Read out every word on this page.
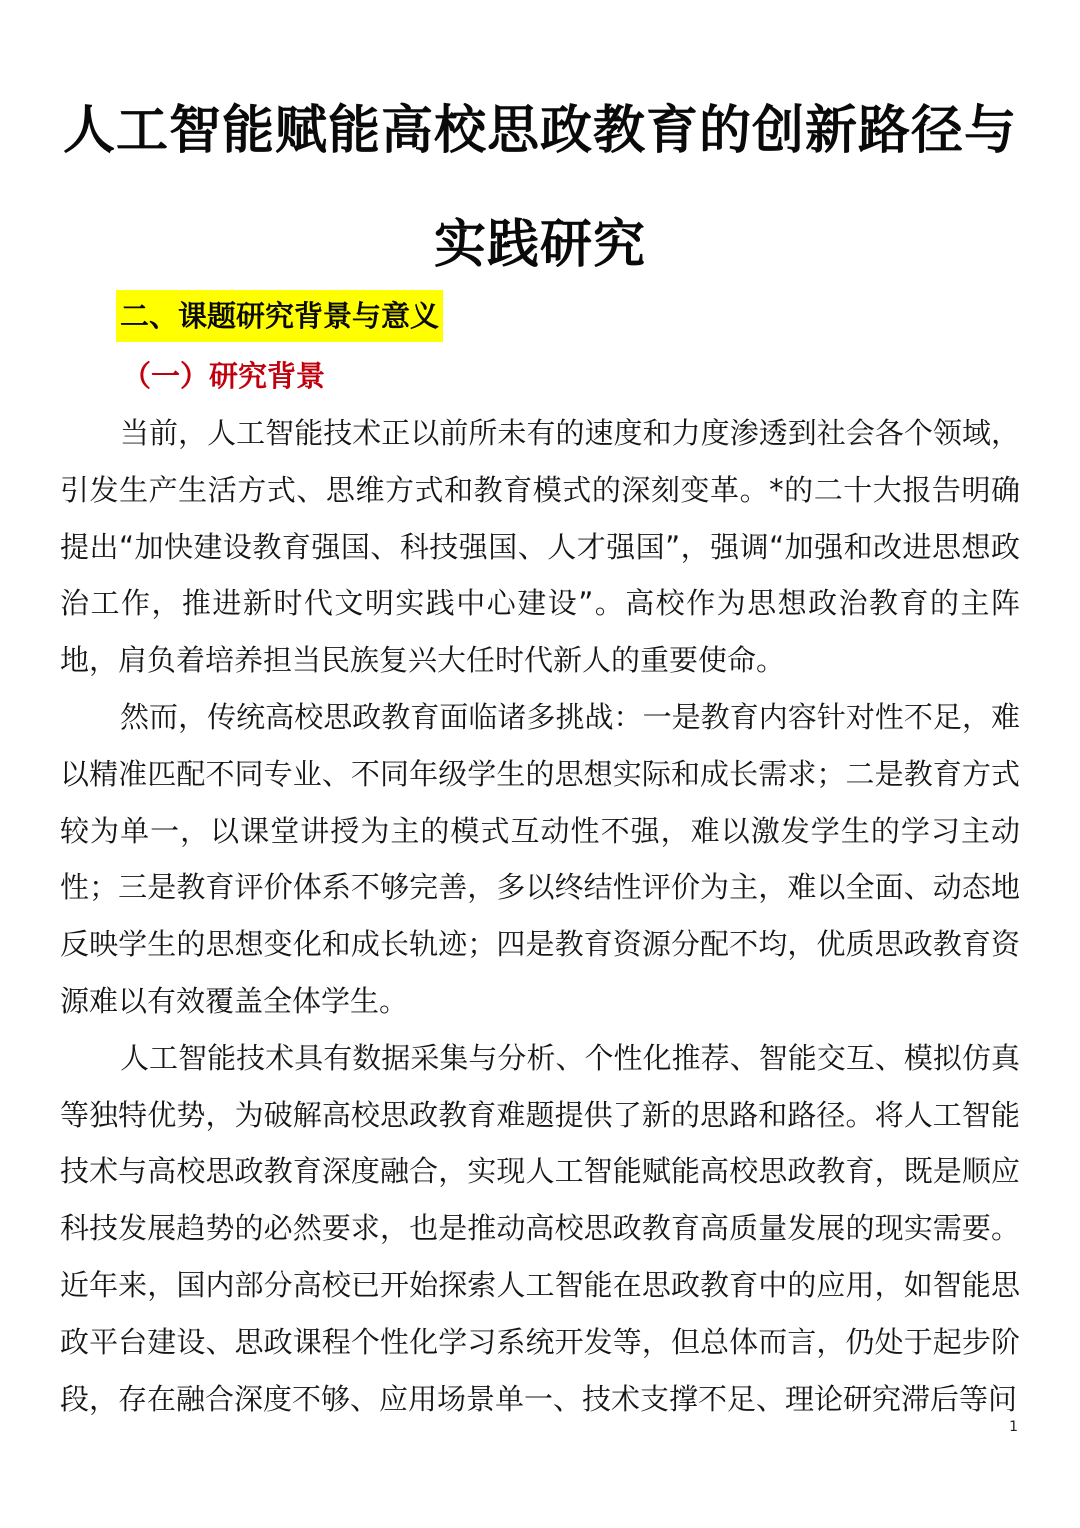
人工智能赋能高校思政教育的创新路径与
实践研究
二、课题研究背景与意义
（一）研究背景

当前，人工智能技术正以前所未有的速度和力度渗透到社会各个领域，引发生产生活方式、思维方式和教育模式的深刻变革。*的二十大报告明确提出“加快建设教育强国、科技强国、人才强国”，强调“加强和改进思想政治工作，推进新时代文明实践中心建设”。高校作为思想政治教育的主阵地，肩负着培养担当民族复兴大任时代新人的重要使命。

然而，传统高校思政教育面临诸多挑战：一是教育内容针对性不足，难以精准匹配不同专业、不同年级学生的思想实际和成长需求；二是教育方式较为单一，以课堂讲授为主的模式互动性不强，难以激发学生的学习主动性；三是教育评价体系不够完善，多以终结性评价为主，难以全面、动态地反映学生的思想变化和成长轨迹；四是教育资源分配不均，优质思政教育资源难以有效覆盖全体学生。

人工智能技术具有数据采集与分析、个性化推荐、智能交互、模拟仿真等独特优势，为破解高校思政教育难题提供了新的思路和路径。将人工智能技术与高校思政教育深度融合，实现人工智能赋能高校思政教育，既是顺应科技发展趋势的必然要求，也是推动高校思政教育高质量发展的现实需要。近年来，国内部分高校已开始探索人工智能在思政教育中的应用，如智能思政平台建设、思政课程个性化学习系统开发等，但总体而言，仍处于起步阶段，存在融合深度不够、应用场景单一、技术支撑不足、理论研究滞后等问

1
